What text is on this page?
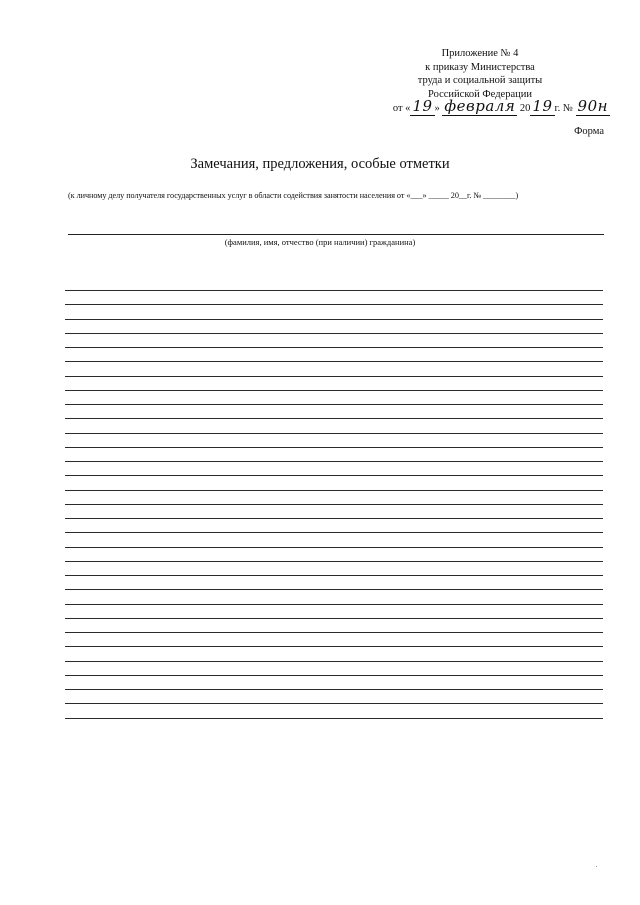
Приложение № 4
к приказу Министерства
труда и социальной защиты
Российской Федерации
от « 19 » февраля 20 19 г. № 90н
Форма
Замечания, предложения, особые отметки
(к личному делу получателя государственных услуг в области содействия занятости населения от «___» _____ 20__г. № ________)
(фамилия, имя, отчество (при наличии) гражданина)
